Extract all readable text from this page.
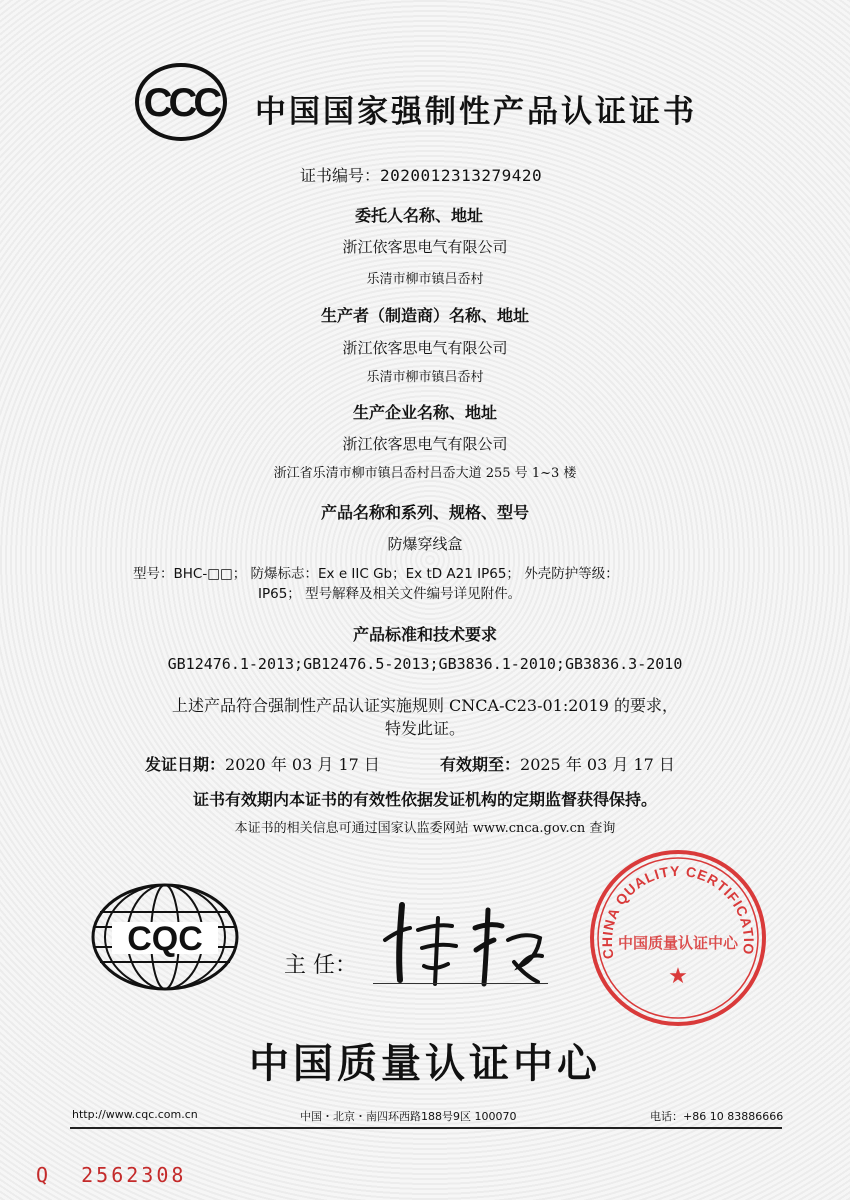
CCC 中国国家强制性产品认证证书
证书编号：2020012313279420
委托人名称、地址
浙江依客思电气有限公司
乐清市柳市镇吕岙村
生产者（制造商）名称、地址
浙江依客思电气有限公司
乐清市柳市镇吕岙村
生产企业名称、地址
浙江依客思电气有限公司
浙江省乐清市柳市镇吕岙村吕岙大道 255 号 1~3 楼
产品名称和系列、规格、型号
防爆穿线盒
型号：BHC-□□； 防爆标志：Ex e IIC Gb；Ex tD A21 IP65； 外壳防护等级：
IP65； 型号解释及相关文件编号详见附件。
产品标准和技术要求
GB12476.1-2013;GB12476.5-2013;GB3836.1-2010;GB3836.3-2010
上述产品符合强制性产品认证实施规则 CNCA-C23-01:2019 的要求，
特发此证。
发证日期：2020 年 03 月 17 日	有效期至：2025 年 03 月 17 日
证书有效期内本证书的有效性依据发证机构的定期监督获得保持。
本证书的相关信息可通过国家认监委网站 www.cnca.gov.cn 查询
CQC
主 任：	CHINA QUALITY CERTIFICATION CENTRE
中国质量认证中心
★
中国质量认证中心
http://www.cqc.com.cn	中国・北京・南四环西路188号9区 100070	电话：+86 10 83886666
Q 2562308
